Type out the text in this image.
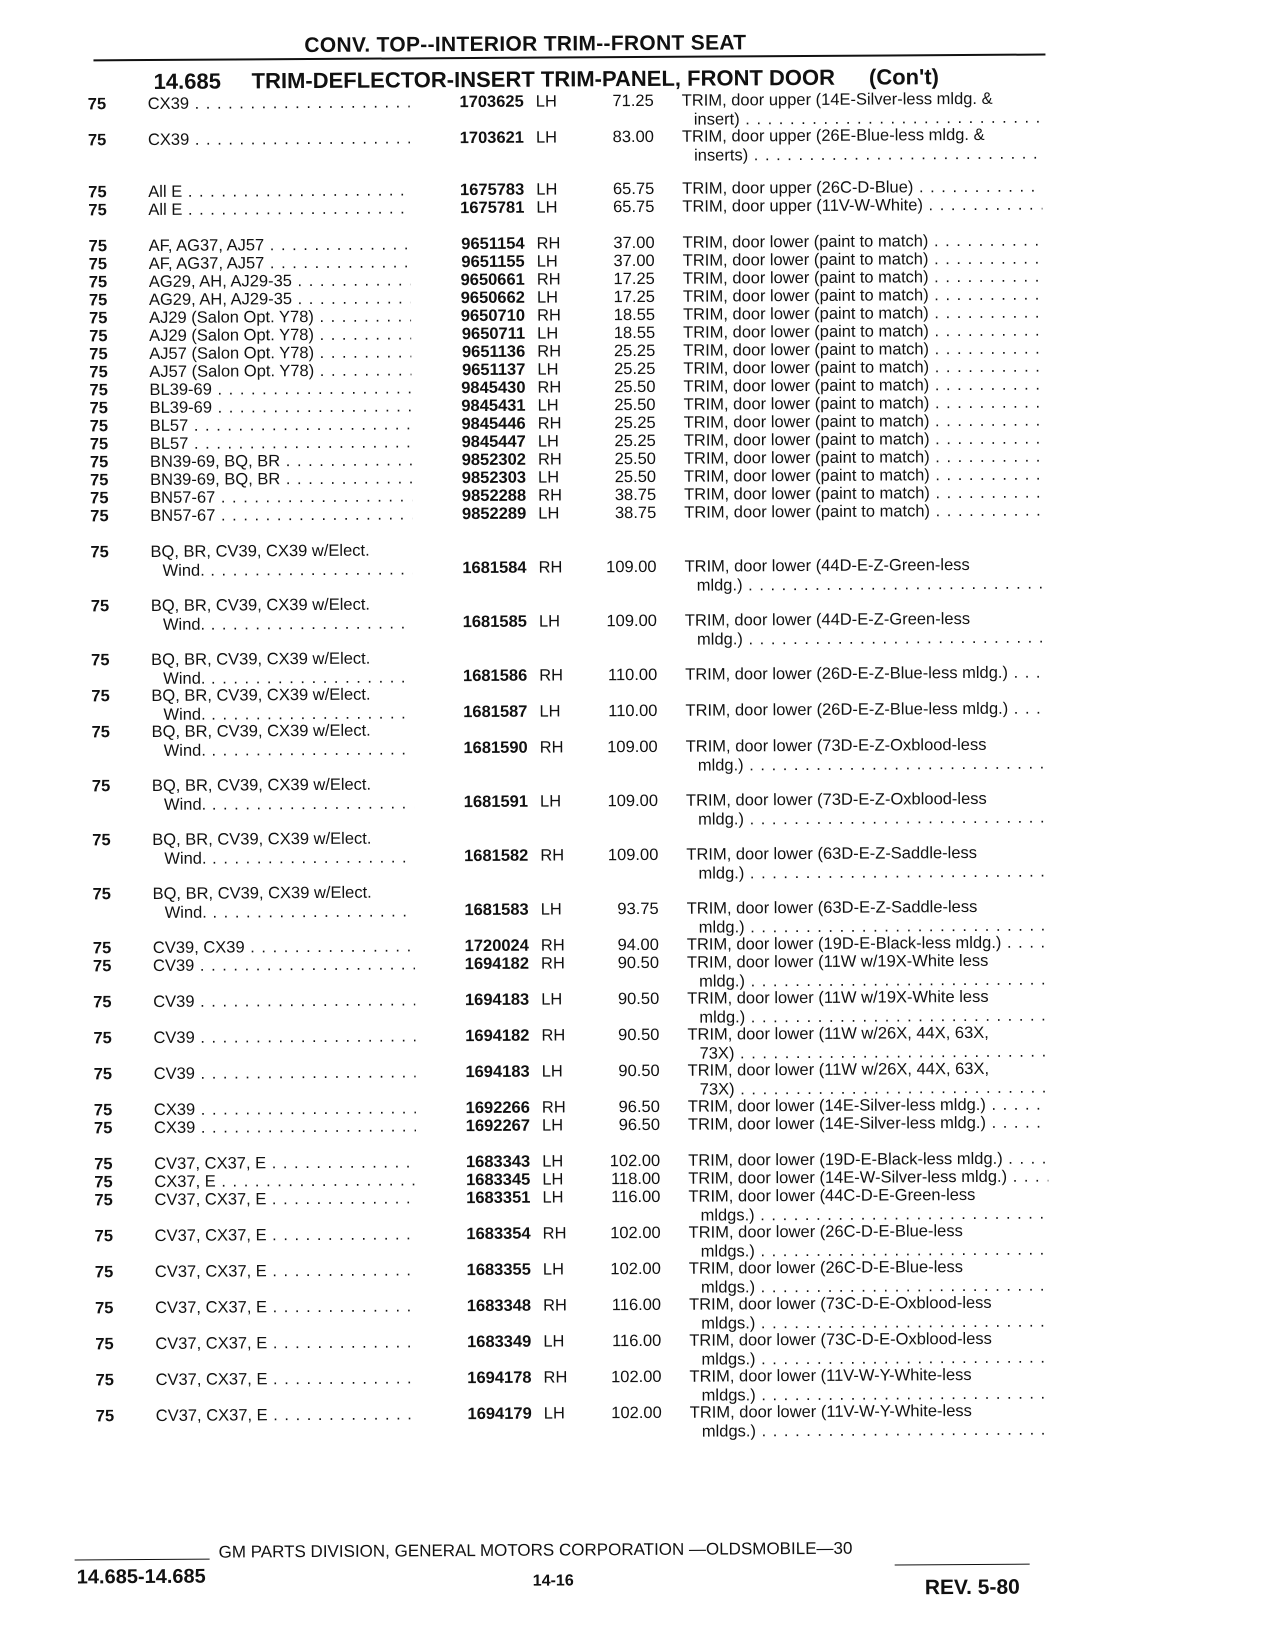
CONV. TOP--INTERIOR TRIM--FRONT SEAT
14.685 TRIM-DEFLECTOR-INSERT TRIM-PANEL, FRONT DOOR (Con't)
75	CX39 . . .	1703625 LH	71.25 TRIM, door upper (14E-Silver-less mldg. &
insert) . . .
75	CX39 . . .	1703621 LH	83.00 TRIM, door upper (26E-Blue-less mldg. &
inserts) . . .
75	All E . . .	1675783 LH	65.75 TRIM, door upper (26C-D-Blue) . . .
75	All E . . .	1675781 LH	65.75 TRIM, door upper (11V-W-White) . . .
75	AF, AG37, AJ57 . . .	9651154 RH	37.00 TRIM, door lower (paint to match) . . .
75	AF, AG37, AJ57 . . .	9651155 LH	37.00 TRIM, door lower (paint to match) . . .
75	AG29, AH, AJ29-35 . . .	9650661 RH	17.25 TRIM, door lower (paint to match) . . .
75	AG29, AH, AJ29-35 . . .	9650662 LH	17.25 TRIM, door lower (paint to match) . . .
75	AJ29 (Salon Opt. Y78) . . .	9650710 RH	18.55 TRIM, door lower (paint to match) . . .
75	AJ29 (Salon Opt. Y78) . . .	9650711 LH	18.55 TRIM, door lower (paint to match) . . .
75	AJ57 (Salon Opt. Y78) . . .	9651136 RH	25.25 TRIM, door lower (paint to match) . . .
75	AJ57 (Salon Opt. Y78) . . .	9651137 LH	25.25 TRIM, door lower (paint to match) . . .
75	BL39-69 . . .	9845430 RH	25.50 TRIM, door lower (paint to match) . . .
75	BL39-69 . . .	9845431 LH	25.50 TRIM, door lower (paint to match) . . .
75	BL57 . . .	9845446 RH	25.25 TRIM, door lower (paint to match) . . .
75	BL57 . . .	9845447 LH	25.25 TRIM, door lower (paint to match) . . .
75	BN39-69, BQ, BR . . .	9852302 RH	25.50 TRIM, door lower (paint to match) . . .
75	BN39-69, BQ, BR . . .	9852303 LH	25.50 TRIM, door lower (paint to match) . . .
75	BN57-67 . . .	9852288 RH	38.75 TRIM, door lower (paint to match) . . .
75	BN57-67 . . .	9852289 LH	38.75 TRIM, door lower (paint to match) . . .
75	BQ, BR, CV39, CX39 w/Elect.
Wind. . . .	1681584 RH	109.00 TRIM, door lower (44D-E-Z-Green-less
mldg.) . . .
75	BQ, BR, CV39, CX39 w/Elect.
Wind. . . .	1681585 LH	109.00 TRIM, door lower (44D-E-Z-Green-less
mldg.) . . .
75	BQ, BR, CV39, CX39 w/Elect.
Wind. . . .	1681586 RH	110.00 TRIM, door lower (26D-E-Z-Blue-less mldg.) . . .
75	BQ, BR, CV39, CX39 w/Elect.
Wind. . . .	1681587 LH	110.00 TRIM, door lower (26D-E-Z-Blue-less mldg.) . . .
75	BQ, BR, CV39, CX39 w/Elect.
Wind. . . .	1681590 RH	109.00 TRIM, door lower (73D-E-Z-Oxblood-less
mldg.) . . .
75	BQ, BR, CV39, CX39 w/Elect.
Wind. . . .	1681591 LH	109.00 TRIM, door lower (73D-E-Z-Oxblood-less
mldg.) . . .
75	BQ, BR, CV39, CX39 w/Elect.
Wind. . . .	1681582 RH	109.00 TRIM, door lower (63D-E-Z-Saddle-less
mldg.) . . .
75	BQ, BR, CV39, CX39 w/Elect.
Wind. . . .	1681583 LH	93.75 TRIM, door lower (63D-E-Z-Saddle-less
mldg.) . . .
75	CV39, CX39 . . .	1720024 RH	94.00 TRIM, door lower (19D-E-Black-less mldg.) . . .
75	CV39 . . .	1694182 RH	90.50 TRIM, door lower (11W w/19X-White less
mldg.) . . .
75	CV39 . . .	1694183 LH	90.50 TRIM, door lower (11W w/19X-White less
mldg.) . . .
75	CV39 . . .	1694182 RH	90.50 TRIM, door lower (11W w/26X, 44X, 63X,
73X) . . .
75	CV39 . . .	1694183 LH	90.50 TRIM, door lower (11W w/26X, 44X, 63X,
73X) . . .
75	CX39 . . .	1692266 RH	96.50 TRIM, door lower (14E-Silver-less mldg.) . . .
75	CX39 . . .	1692267 LH	96.50 TRIM, door lower (14E-Silver-less mldg.) . . .
75	CV37, CX37, E . . .	1683343 LH	102.00 TRIM, door lower (19D-E-Black-less mldg.) . . .
75	CX37, E . . .	1683345 LH	118.00 TRIM, door lower (14E-W-Silver-less mldg.) . . .
75	CV37, CX37, E . . .	1683351 LH	116.00 TRIM, door lower (44C-D-E-Green-less
mldgs.) . . .
75	CV37, CX37, E . . .	1683354 RH	102.00 TRIM, door lower (26C-D-E-Blue-less
mldgs.) . . .
75	CV37, CX37, E . . .	1683355 LH	102.00 TRIM, door lower (26C-D-E-Blue-less
mldgs.) . . .
75	CV37, CX37, E . . .	1683348 RH	116.00 TRIM, door lower (73C-D-E-Oxblood-less
mldgs.) . . .
75	CV37, CX37, E . . .	1683349 LH	116.00 TRIM, door lower (73C-D-E-Oxblood-less
mldgs.) . . .
75	CV37, CX37, E . . .	1694178 RH	102.00 TRIM, door lower (11V-W-Y-White-less
mldgs.) . . .
75	CV37, CX37, E . . .	1694179 LH	102.00 TRIM, door lower (11V-W-Y-White-less
mldgs.) . . .
GM PARTS DIVISION, GENERAL MOTORS CORPORATION —OLDSMOBILE—30
14.685-14.685	14-16	REV. 5-80
